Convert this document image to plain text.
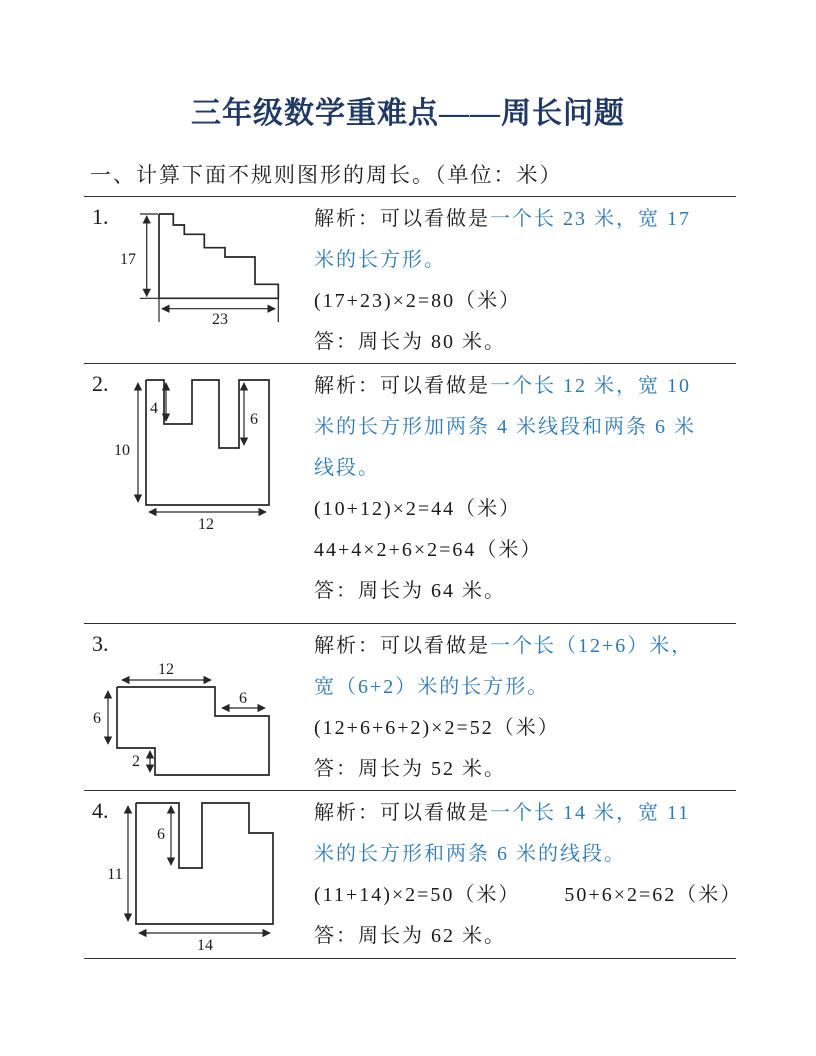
三年级数学重难点——周长问题
一、计算下面不规则图形的周长。（单位：米）
1.
17
23
解析：可以看做是一个长 23 米，宽 17
米的长方形。
(17+23)×2=80（米）
答：周长为 80 米。
2.
10
4
6
12
解析：可以看做是一个长 12 米，宽 10
米的长方形加两条 4 米线段和两条 6 米
线段。
(10+12)×2=44（米）
44+4×2+6×2=64（米）
答：周长为 64 米。
3.
12
6
6
2
解析：可以看做是一个长（12+6）米，
宽（6+2）米的长方形。
(12+6+6+2)×2=52（米）
答：周长为 52 米。
4.
11
6
14
解析：可以看做是一个长 14 米，宽 11
米的长方形和两条 6 米的线段。
(11+14)×2=50（米） 50+6×2=62（米）
答：周长为 62 米。
